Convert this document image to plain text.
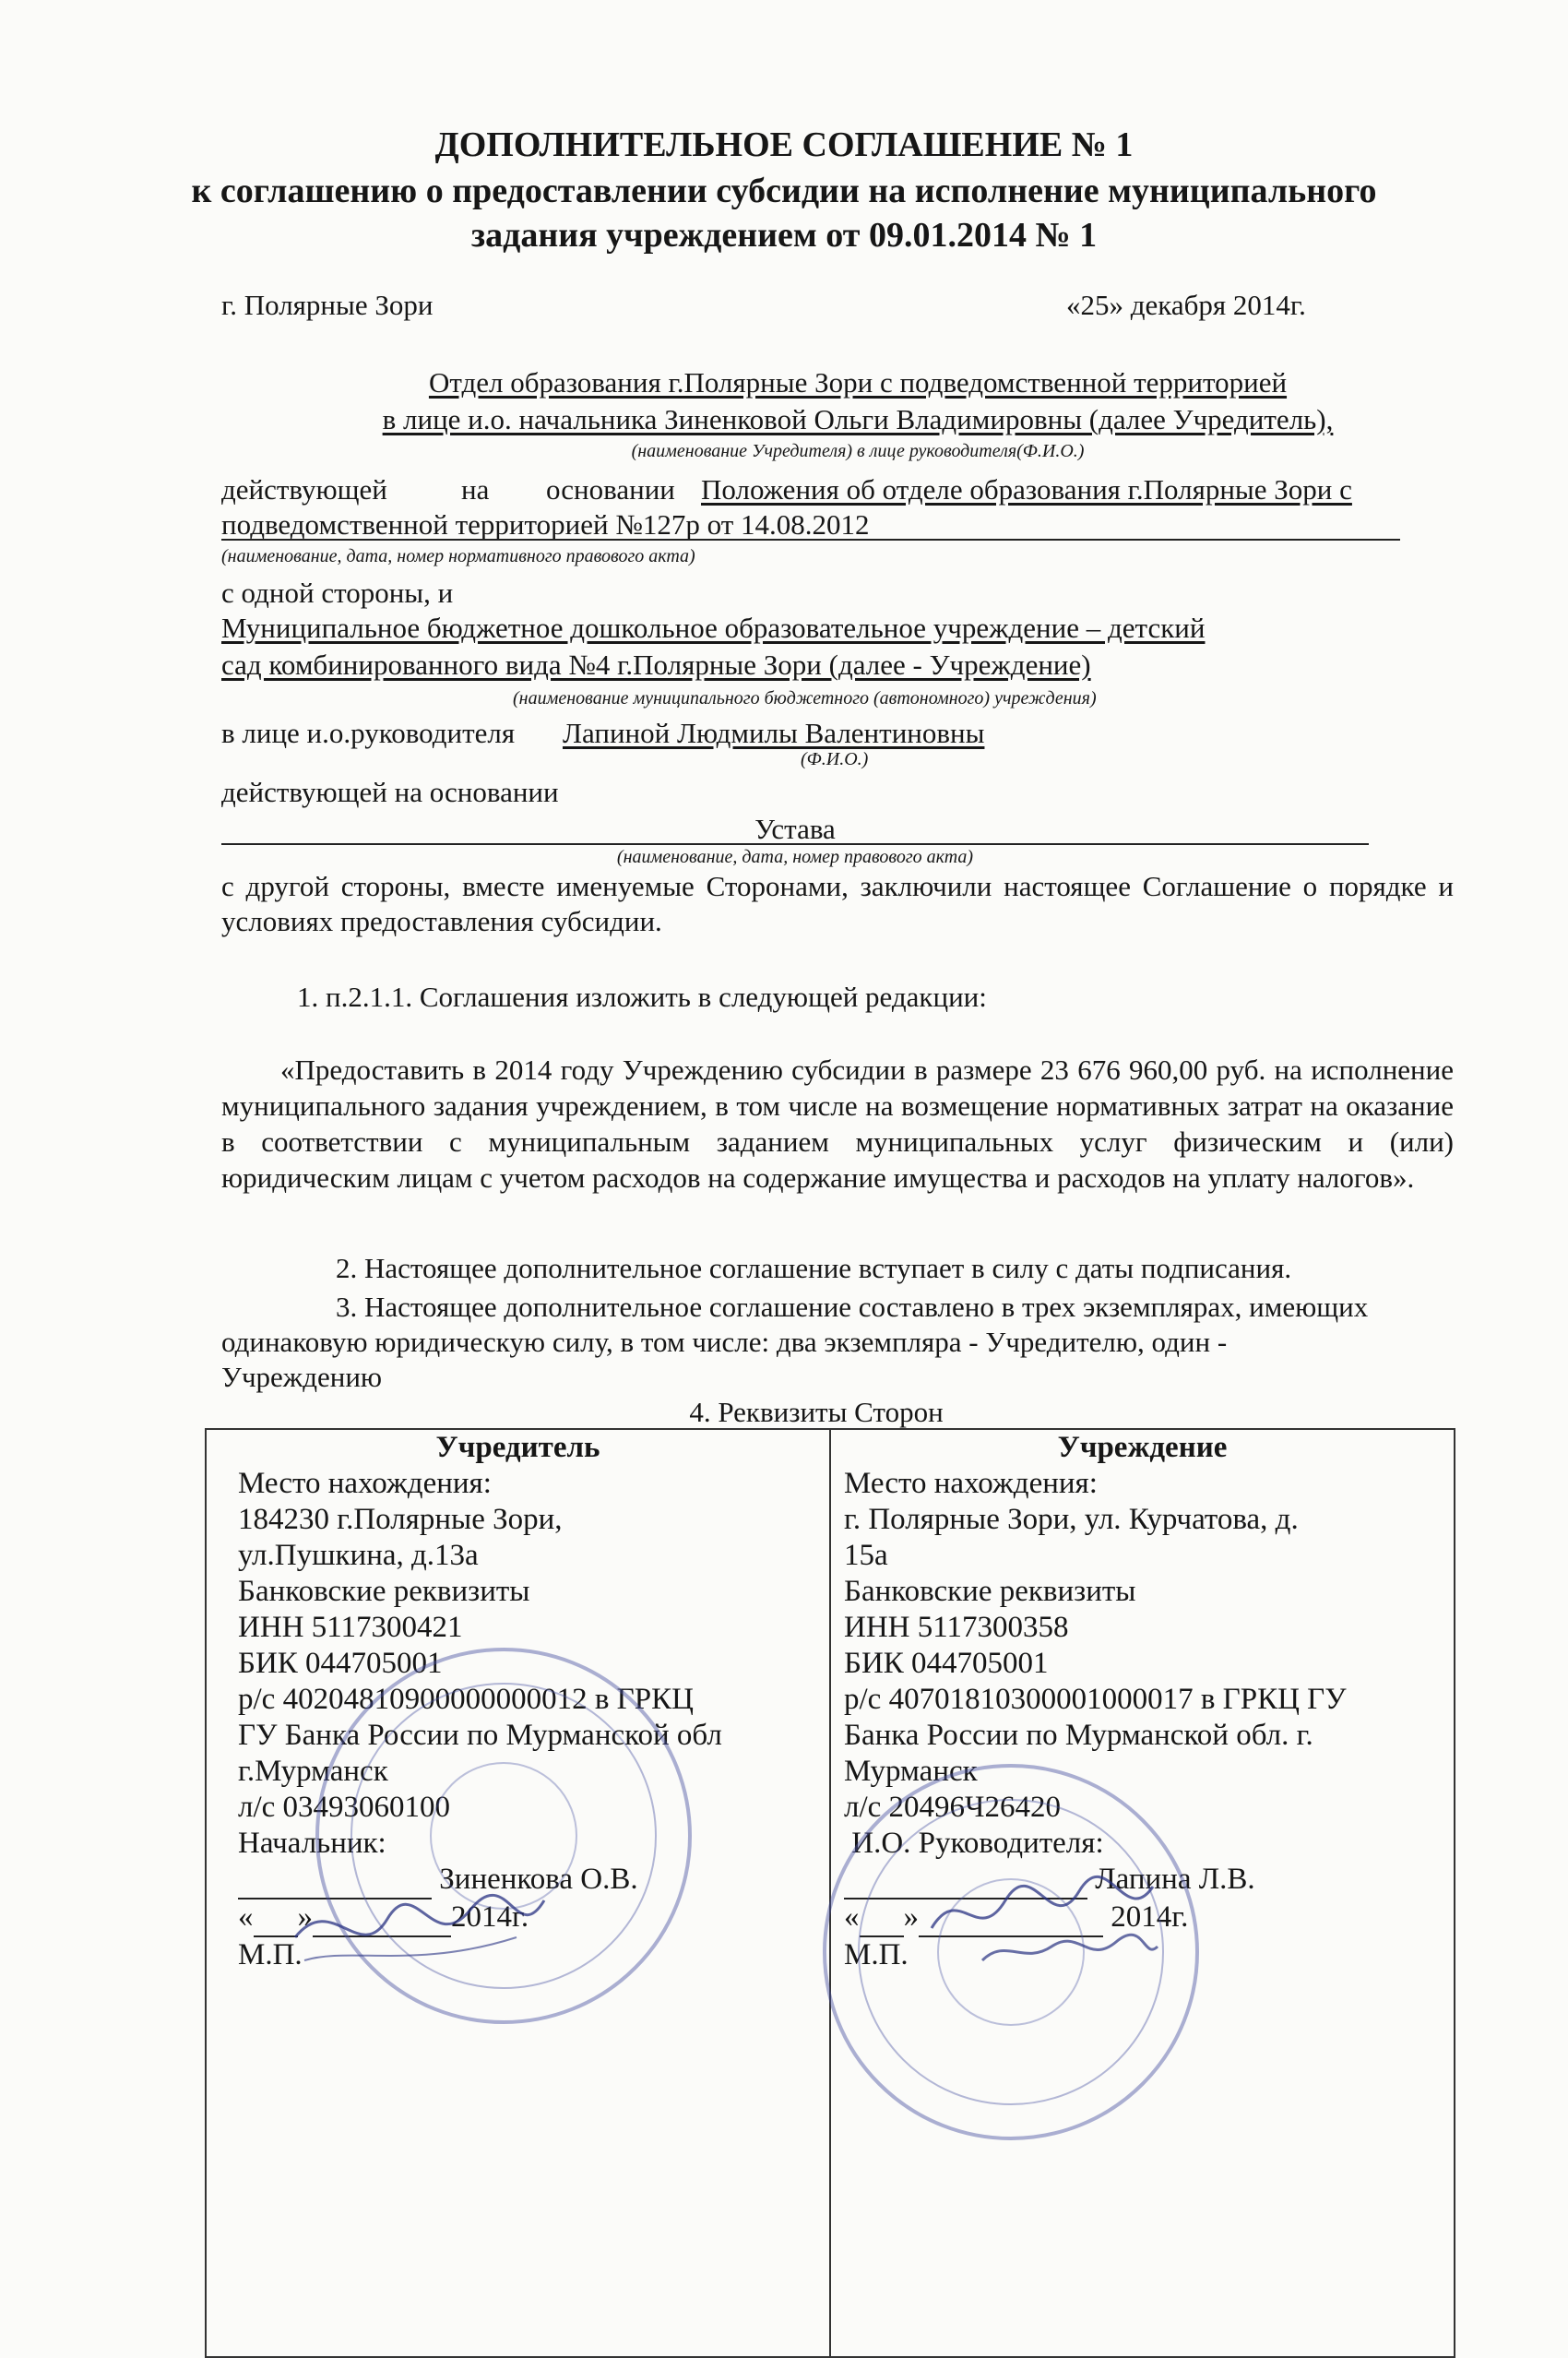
ДОПОЛНИТЕЛЬНОЕ СОГЛАШЕНИЕ № 1
к соглашению о предоставлении субсидии на исполнение муниципального
задания учреждением от 09.01.2014 № 1
г. Полярные Зори	«25» декабря 2014г.
Отдел образования г.Полярные Зори с подведомственной территорией
в лице и.о. начальника Зиненковой Ольги Владимировны (далее Учредитель),
(наименование Учредителя) в лице руководителя(Ф.И.О.)
действующей	на основании Положения об отделе образования г.Полярные Зори с
подведомственной территорией №127р от 14.08.2012
(наименование, дата, номер нормативного правового акта)
с одной стороны, и
Муниципальное бюджетное дошкольное образовательное учреждение – детский
сад комбинированного вида №4 г.Полярные Зори (далее - Учреждение)
(наименование муниципального бюджетного (автономного) учреждения)
в лице и.о.руководителя Лапиной Людмилы Валентиновны
(Ф.И.О.)
действующей на основании
Устава
(наименование, дата, номер правового акта)
с другой стороны, вместе именуемые Сторонами, заключили настоящее Соглашение о порядке и условиях предоставления субсидии.
1. п.2.1.1. Соглашения изложить в следующей редакции:
«Предоставить в 2014 году Учреждению субсидии в размере 23 676 960,00 руб. на исполнение муниципального задания учреждением, в том числе на возмещение нормативных затрат на оказание в соответствии с муниципальным заданием муниципальных услуг физическим и (или) юридическим лицам с учетом расходов на содержание имущества и расходов на уплату налогов».
2. Настоящее дополнительное соглашение вступает в силу с даты подписания.
3. Настоящее дополнительное соглашение составлено в трех экземплярах, имеющих
одинаковую юридическую силу, в том числе: два экземпляра - Учредителю, один -
Учреждению
4. Реквизиты Сторон
Учредитель
Место нахождения:
184230 г.Полярные Зори,
ул.Пушкина, д.13а
Банковские реквизиты
ИНН 5117300421
БИК 044705001
р/с 40204810900000000012 в ГРКЦ
ГУ Банка России по Мурманской обл
г.Мурманск
л/с 03493060100
Начальник:
Зиненкова О.В.
« »	2014г.
М.П.

Учреждение
Место нахождения:
г. Полярные Зори, ул. Курчатова, д.
15а
Банковские реквизиты
ИНН 5117300358
БИК 044705001
р/с 40701810300001000017 в ГРКЦ ГУ
Банка России по Мурманской обл. г.
Мурманск
л/с 20496Ч26420
И.О. Руководителя:
Лапина Л.В.
« »	2014г.
М.П.
